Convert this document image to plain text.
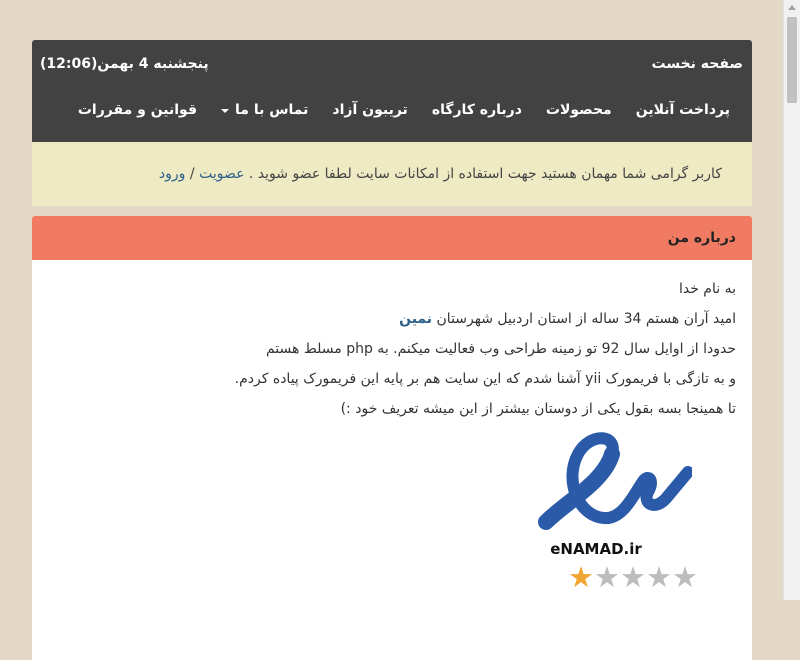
صفحه نخست
پنجشنبه 4 بهمن(12:06)
پرداخت آنلاین
محصولات
درباره کارگاه
تریبون آزاد
تماس با ما
قوانین و مقررات
کاربر گرامی شما مهمان هستید جهت استفاده از امکانات سایت لطفا عضو شوید .

عضویت

/

ورود
درباره من

به نام خدا

امید آران هستم 34 ساله از استان اردبیل شهرستان نمین

حدودا از اوایل سال 92 تو زمینه طراحی وب فعالیت میکنم. به php مسلط هستم

و به تازگی با فریمورک yii آشنا شدم که این سایت هم بر پایه این فریمورک پیاده کردم.

تا همینجا بسه بقول یکی از دوستان بیشتر از این میشه تعریف خود :)

eNAMAD.ir
★ ★ ★ ★ ★
